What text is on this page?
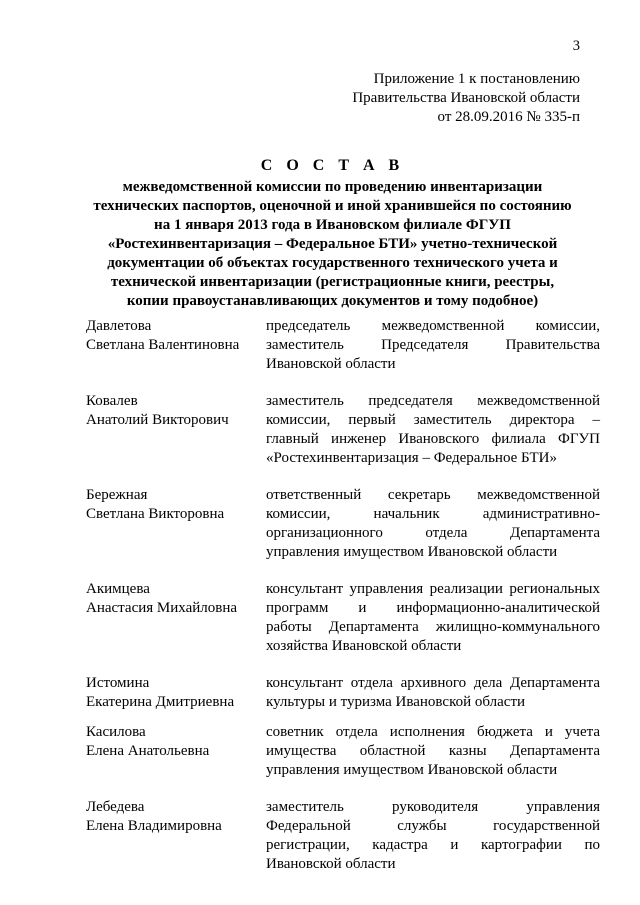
3
Приложение 1 к постановлению
Правительства Ивановской области
от 28.09.2016 № 335-п
С О С Т А В
межведомственной комиссии по проведению инвентаризации
технических паспортов, оценочной и иной хранившейся по состоянию
на 1 января 2013 года в Ивановском филиале ФГУП
«Ростехинвентаризация – Федеральное БТИ» учетно-технической
документации об объектах государственного технического учета и
технической инвентаризации (регистрационные книги, реестры,
копии правоустанавливающих документов и тому подобное)
Давлетова
Светлана Валентиновна
председатель межведомственной комиссии,
заместитель Председателя Правительства
Ивановской области
Ковалев
Анатолий Викторович
заместитель председателя межведомственной
комиссии, первый заместитель директора –
главный инженер Ивановского филиала ФГУП
«Ростехинвентаризация – Федеральное БТИ»
Бережная
Светлана Викторовна
ответственный секретарь межведомственной
комиссии, начальник административно-
организационного отдела Департамента
управления имуществом Ивановской области
Акимцева
Анастасия Михайловна
консультант управления реализации региональных
программ и информационно-аналитической
работы Департамента жилищно-коммунального
хозяйства Ивановской области
Истомина
Екатерина Дмитриевна
консультант отдела архивного дела Департамента
культуры и туризма Ивановской области
Касилова
Елена Анатольевна
советник отдела исполнения бюджета и учета
имущества областной казны Департамента
управления имуществом Ивановской области
Лебедева
Елена Владимировна
заместитель руководителя управления
Федеральной службы государственной
регистрации, кадастра и картографии по
Ивановской области
